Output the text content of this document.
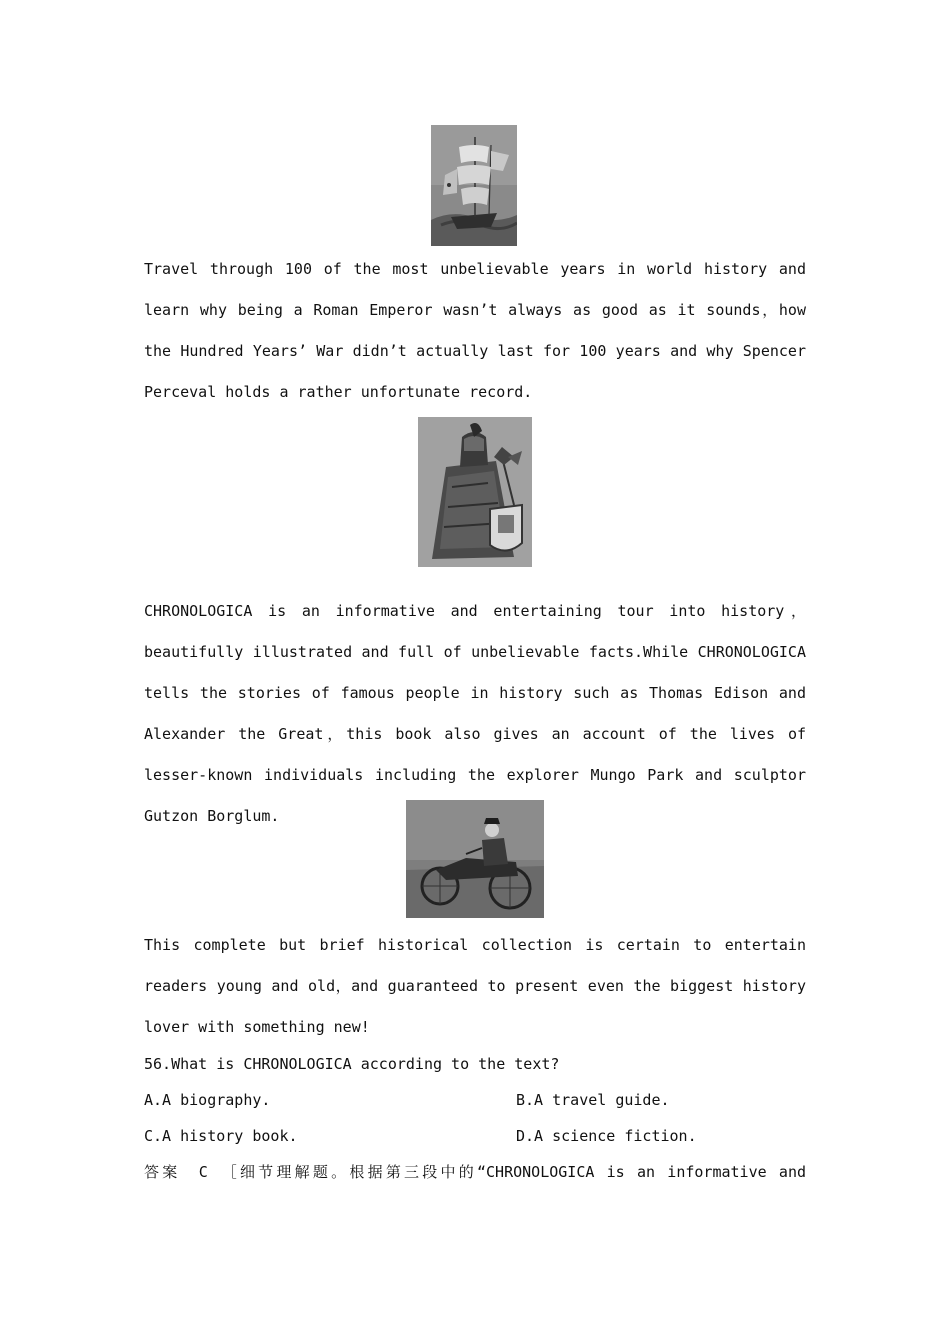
Travel through 100 of the most unbelievable years in world history and learn why being a Roman Emperor wasn’t always as good as it sounds，how the Hundred Years’ War didn’t actually last for 100 years and why Spencer Perceval holds a rather unfortunate record.

CHRONOLOGICA is an informative and entertaining tour into history，beautifully illustrated and full of unbelievable facts.While CHRONOLOGICA tells the stories of famous people in history such as Thomas Edison and Alexander the Great，this book also gives an account of the lives of lesser-known individuals including the explorer Mungo Park and sculptor Gutzon Borglum.

This complete but brief historical collection is certain to entertain readers young and old，and guaranteed to present even the biggest history lover with something new!

56.What is CHRONOLOGICA according to the text?

A.A biography.	B.A travel guide.
C.A history book.	D.A science fiction.
答案　C　［细节理解题。根据第三段中的“CHRONOLOGICA is an informative and
